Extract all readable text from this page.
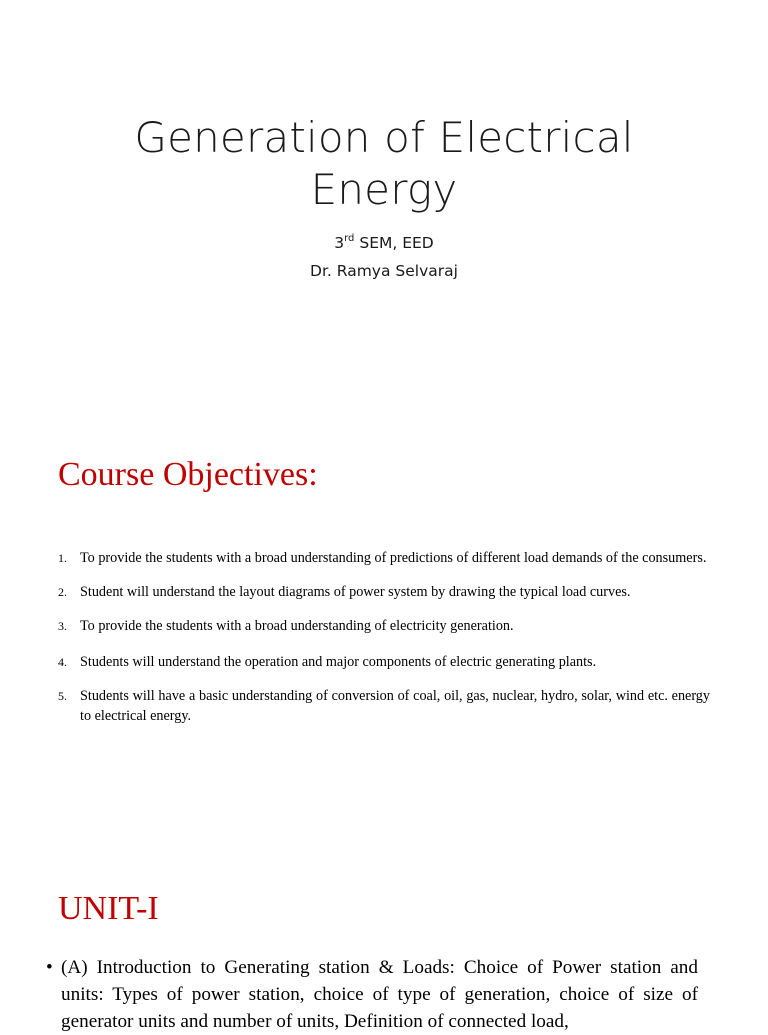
Generation of Electrical
Energy
3rd SEM, EED
Dr. Ramya Selvaraj
Course Objectives:
1. To provide the students with a broad understanding of predictions of different load demands of the consumers.
2. Student will understand the layout diagrams of power system by drawing the typical load curves.
3. To provide the students with a broad understanding of electricity generation.
4. Students will understand the operation and major components of electric generating plants.
5. Students will have a basic understanding of conversion of coal, oil, gas, nuclear, hydro, solar, wind etc. energy to electrical energy.
UNIT-I
• (A) Introduction to Generating station & Loads: Choice of Power station and units: Types of power station, choice of type of generation, choice of size of generator units and number of units, Definition of connected load,
